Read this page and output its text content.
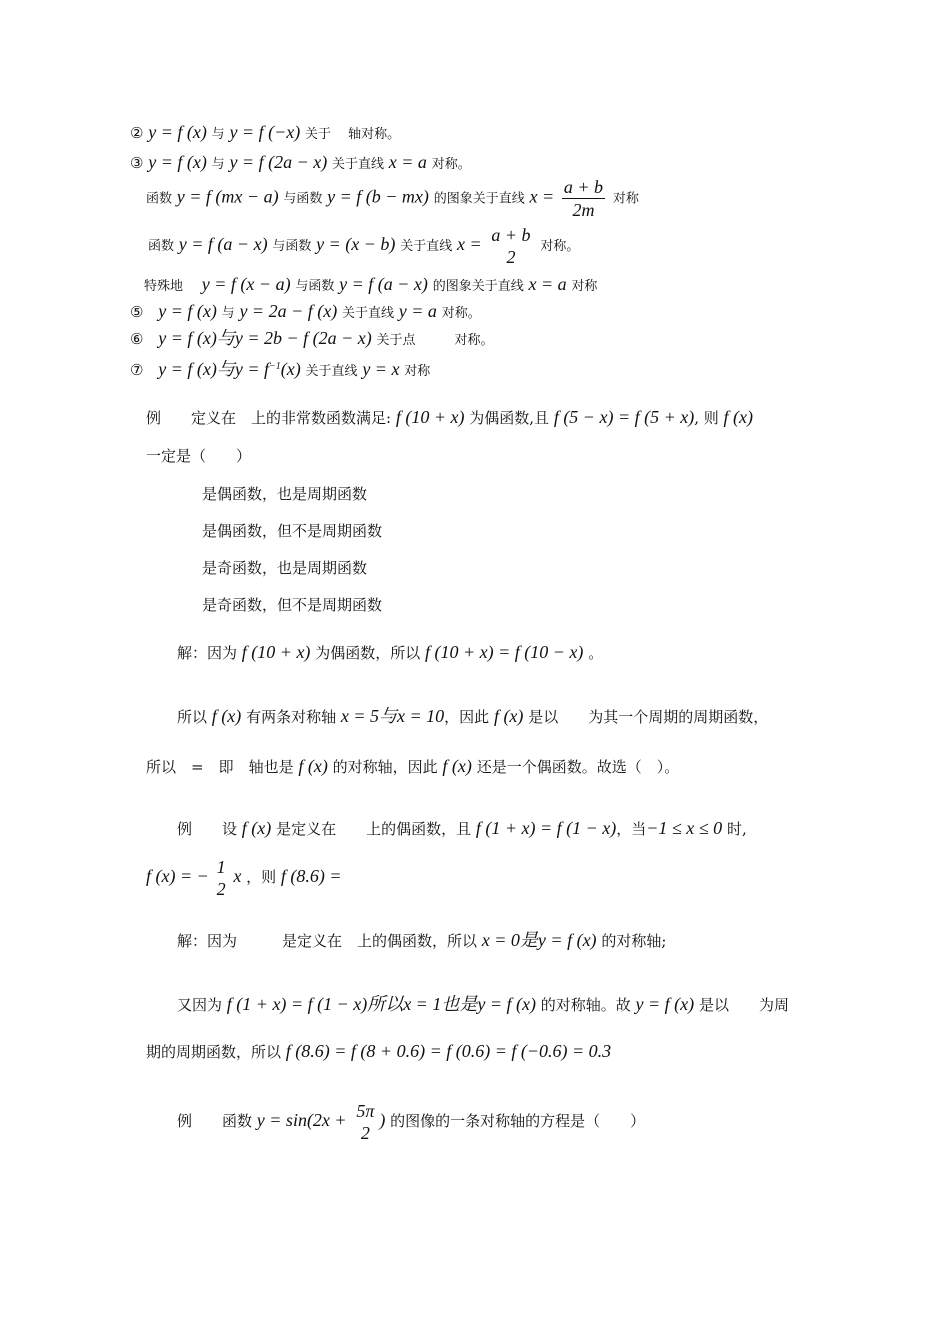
② y = f (x) 与 y = f (−x) 关于　 轴对称。
③ y = f (x) 与 y = f (2a − x) 关于直线 x = a 对称。
函数 y = f (mx − a) 与函数 y = f (b − mx) 的图象关于直线 $x = \frac{a + b}{2m}$ 对称
函数 y = f (a − x) 与函数 y = (x − b) 关于直线 x = a + b
2
对称。
特殊地 y = f (x − a) 与函数 y = f (a − x) 的图象关于直线 x = a 对称
⑤ y = f (x) 与 y = 2a − f (x) 关于直线 y = a 对称。
⑥ y = f (x)与y = 2b − f (2a − x) 关于点　　　对称。
⑦ y = f (x)与$y = f^{-1}(x)$ 关于直线 y = x 对称
例　　定义在　上的非常数函数满足: f (10 + x) 为偶函数,且 f (5 − x) = f (5 + x), 则 f (x)
一定是（　　）
是偶函数，也是周期函数
是偶函数，但不是周期函数
是奇函数，也是周期函数
是奇函数，但不是周期函数
解：因为 f (10 + x) 为偶函数，所以 f (10 + x) = f (10 − x) 。
所以 f (x) 有两条对称轴 x = 5与x = 10，因此 f (x) 是以　　为其一个周期的周期函数，
所以　=　即　轴也是 f (x) 的对称轴，因此 f (x) 还是一个偶函数。故选（　）。
例　　设 f (x) 是定义在　　上的偶函数，且 f (1 + x) = f (1 − x)，当−1 ≤ x ≤ 0 时,
f (x) = − 1
2
x ，则 f (8.6) =
解：因为　　　是定义在　上的偶函数，所以 x = 0是y = f (x) 的对称轴;
又因为 f (1 + x) = f (1 − x)所以x = 1也是y = f (x) 的对称轴。故 y = f (x) 是以　　为周
期的周期函数，所以 f (8.6) = f (8 + 0.6) = f (0.6) = f (−0.6) = 0.3
例　　函数 y = sin(2x + 5π
2
) 的图像的一条对称轴的方程是（　　）
